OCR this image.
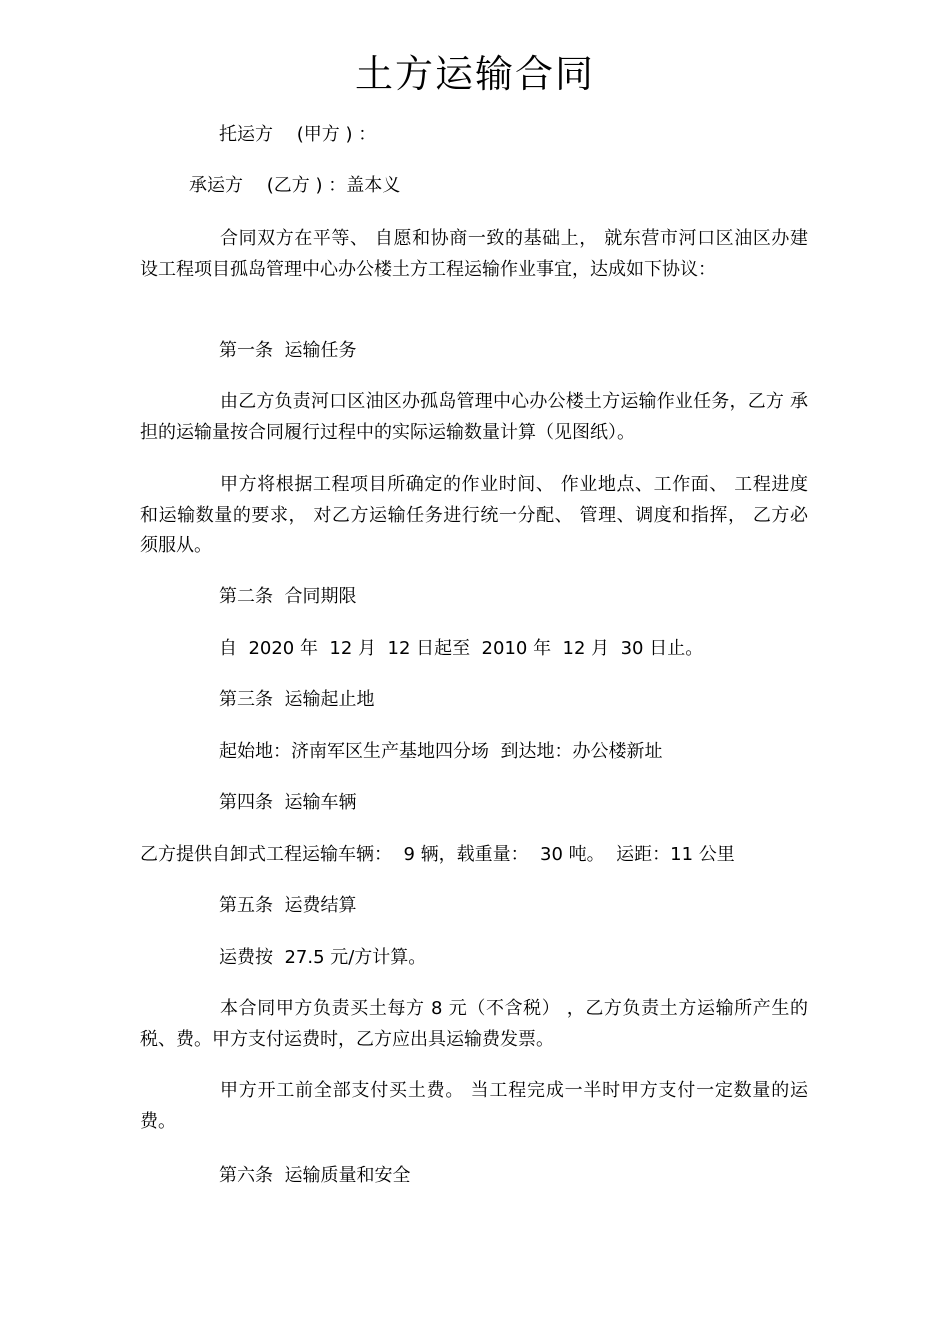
土方运输合同

托运方　 (甲方 ) ：

承运方　 (乙方 ) ：盖本义

合同双方在平等、 自愿和协商一致的基础上， 就东营市河口区油区办建 设工程项目孤岛管理中心办公楼土方工程运输作业事宜，达成如下协议：

第一条  运输任务

由乙方负责河口区油区办孤岛管理中心办公楼土方运输作业任务，乙方 承担的运输量按合同履行过程中的实际运输数量计算（见图纸）。

甲方将根据工程项目所确定的作业时间、 作业地点、工作面、 工程进度 和运输数量的要求， 对乙方运输任务进行统一分配、 管理、调度和指挥， 乙方必 须服从。

第二条  合同期限

自  2020 年  12 月  12 日起至  2010 年  12 月  30 日止。

第三条  运输起止地

起始地：济南军区生产基地四分场  到达地：办公楼新址

第四条  运输车辆

乙方提供自卸式工程运输车辆：  9 辆，载重量：  30 吨。  运距：11 公里

第五条  运费结算

运费按  27.5 元/方计算。

本合同甲方负责买土每方 8 元（不含税） ，乙方负责土方运输所产生的 税、费。甲方支付运费时，乙方应出具运输费发票。

甲方开工前全部支付买土费。 当工程完成一半时甲方支付一定数量的运 费。

第六条  运输质量和安全
